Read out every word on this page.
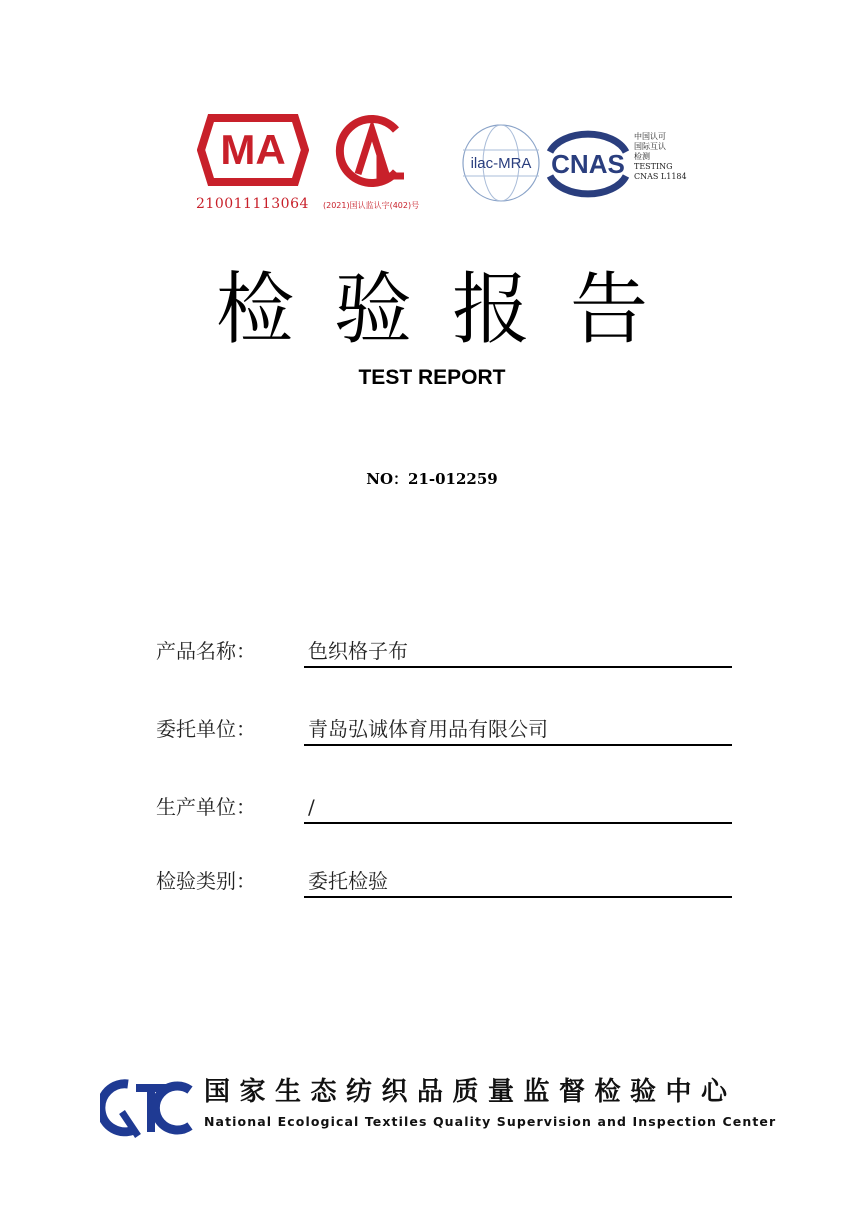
MA
210011113064	(2021)国认监认字(402)号
ilac-MRA CNAS
中国认可
国际互认
检测
TESTING
CNAS L1184
检验报告
TEST REPORT
NO：21-012259
产品名称：	色织格子布
委托单位：	青岛弘诚体育用品有限公司
生产单位：	/
检验类别：	委托检验
QTC
国家生态纺织品质量监督检验中心
National Ecological Textiles Quality Supervision and Inspection Center
